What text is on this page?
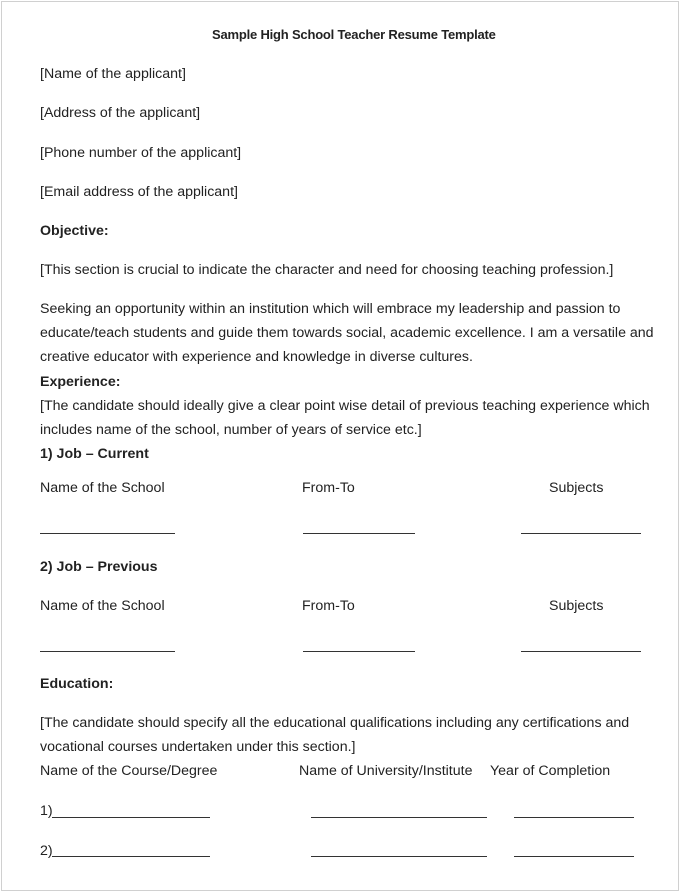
Sample High School Teacher Resume Template
[Name of the applicant]
[Address of the applicant]
[Phone number of the applicant]
[Email address of the applicant]
Objective:
[This section is crucial to indicate the character and need for choosing teaching profession.]
Seeking an opportunity within an institution which will embrace my leadership and passion to
educate/teach students and guide them towards social, academic excellence. I am a versatile and
creative educator with experience and knowledge in diverse cultures.
Experience:
[The candidate should ideally give a clear point wise detail of previous teaching experience which
includes name of the school, number of years of service etc.]
1) Job – Current
Name of the School	From-To	Subjects
2) Job – Previous
Name of the School	From-To	Subjects
Education:
[The candidate should specify all the educational qualifications including any certifications and
vocational courses undertaken under this section.]
Name of the Course/Degree	Name of University/Institute Year of Completion
1)
2)
